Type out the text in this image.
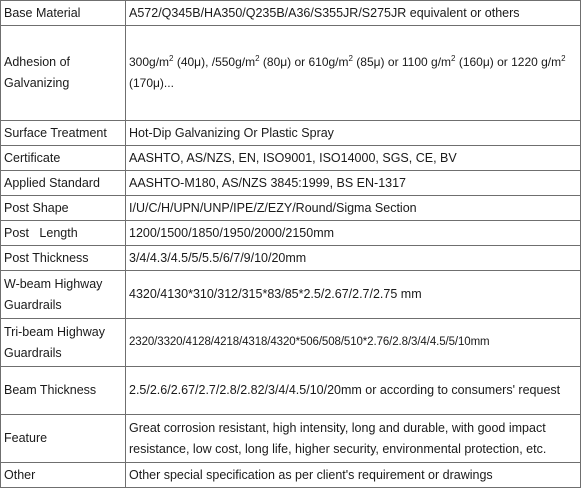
Base Material	A572/Q345B/HA350/Q235B/A36/S355JR/S275JR equivalent or others
Adhesion of Galvanizing	$300g/m^2$ (40μ), $/550g/m^2$ (80μ) or $610g/m^2$ (85μ) or 1100 $g/m^2$ (160μ) or 1220 $g/m^2$ (170μ)...
Surface Treatment	Hot-Dip Galvanizing Or Plastic Spray
Certificate	AASHTO, AS/NZS, EN, ISO9001, ISO14000, SGS, CE, BV
Applied Standard	AASHTO-M180, AS/NZS 3845:1999, BS EN-1317
Post Shape	I/U/C/H/UPN/UNP/IPE/Z/EZY/Round/Sigma Section
Post   Length	1200/1500/1850/1950/2000/2150mm
Post Thickness	3/4/4.3/4.5/5/5.5/6/7/9/10/20mm
W-beam Highway Guardrails	4320/4130*310/312/315*83/85*2.5/2.67/2.7/2.75 mm
Tri-beam Highway Guardrails	2320/3320/4128/4218/4318/4320*506/508/510*2.76/2.8/3/4/4.5/5/10mm
Beam Thickness	2.5/2.6/2.67/2.7/2.8/2.82/3/4/4.5/10/20mm or according to consumers' request
Feature	Great corrosion resistant, high intensity, long and durable, with good impact resistance, low cost, long life, higher security, environmental protection, etc.
Other	Other special specification as per client's requirement or drawings
